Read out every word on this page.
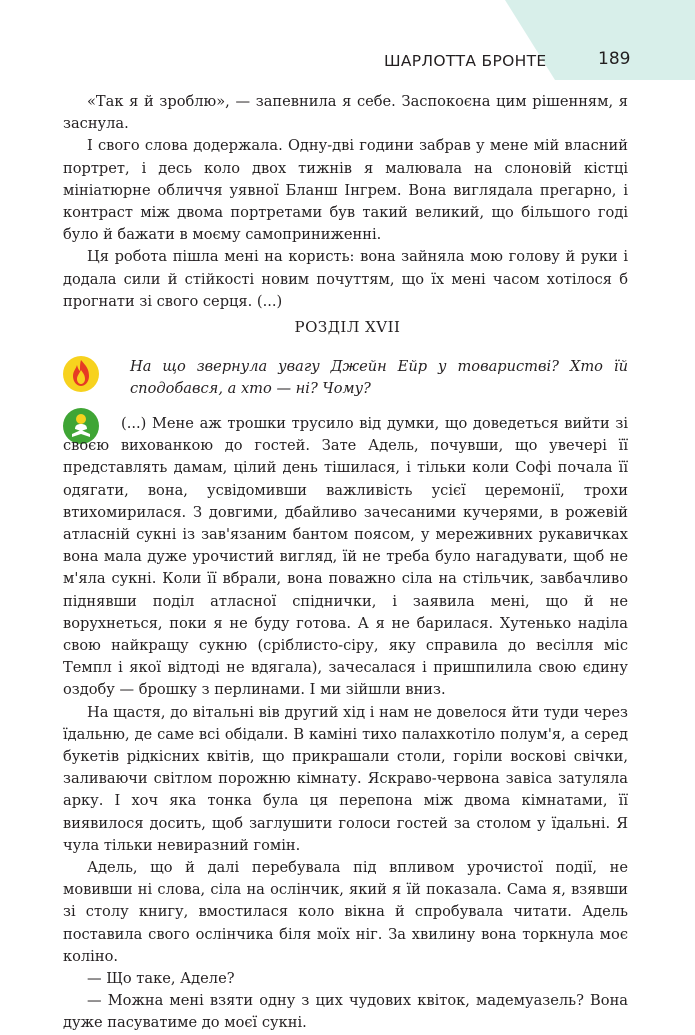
ШАРЛОТТА БРОНТЕ	189

«Так я й зроблю», — запевнила я себе. Заспокоєна цим рішенням, я заснула.

І свого слова додержала. Одну-дві години забрав у мене мій власний портрет, і десь коло двох тижнів я малювала на слоновій кістці мініатюрне обличчя уявної Бланш Інгрем. Вона виглядала прегарно, і контраст між двома портретами був такий великий, що більшого годі було й бажати в моєму самоприниженні.

Ця робота пішла мені на користь: вона зайняла мою голову й руки і додала сили й стійкості новим почуттям, що їх мені часом хотілося б прогнати зі свого серця. (...)

РОЗДІЛ XVII
На що звернула увагу Джейн Ейр у товаристві? Хто їй сподобався, а хто — ні? Чому?

(...) Мене аж трошки трусило від думки, що доведеться вийти зі своєю вихованкою до гостей. Зате Адель, почувши, що увечері її представлять дамам, цілий день тішилася, і тільки коли Софі почала її одягати, вона, усвідомивши важливість усієї церемонії, трохи втихомирилася. З довгими, дбайливо зачесаними кучерями, в рожевій атласній сукні із зав'язаним бантом поясом, у мереживних рукавичках вона мала дуже урочистий вигляд, їй не треба було нагадувати, щоб не м'яла сукні. Коли її вбрали, вона поважно сіла на стільчик, завбачливо піднявши поділ атласної спіднички, і заявила мені, що й не ворухнеться, поки я не буду готова. А я не барилася. Хутенько наділа свою найкращу сукню (сріблисто-сіру, яку справила до весілля міс Темпл і якої відтоді не вдягала), зачесалася і пришпилила свою єдину оздобу — брошку з перлинами. І ми зійшли вниз.

На щастя, до вітальні вів другий хід і нам не довелося йти туди через їдальню, де саме всі обідали. В каміні тихо палахкотіло полум'я, а серед букетів рідкісних квітів, що прикрашали столи, горіли воскові свічки, заливаючи світлом порожню кімнату. Яскраво-червона завіса затуляла арку. І хоч яка тонка була ця перепона між двома кімнатами, її виявилося досить, щоб заглушити голоси гостей за столом у їдальні. Я чула тільки невиразний гомін.

Адель, що й далі перебувала під впливом урочистої події, не мовивши ні слова, сіла на ослінчик, який я їй показала. Сама я, взявши зі столу книгу, вмостилася коло вікна й спробувала читати. Адель поставила свого ослінчика біля моїх ніг. За хвилину вона торкнула моє коліно.

— Що таке, Аделе?

— Можна мені взяти одну з цих чудових квіток, мадемуазель? Вона дуже пасуватиме до моєї сукні.
